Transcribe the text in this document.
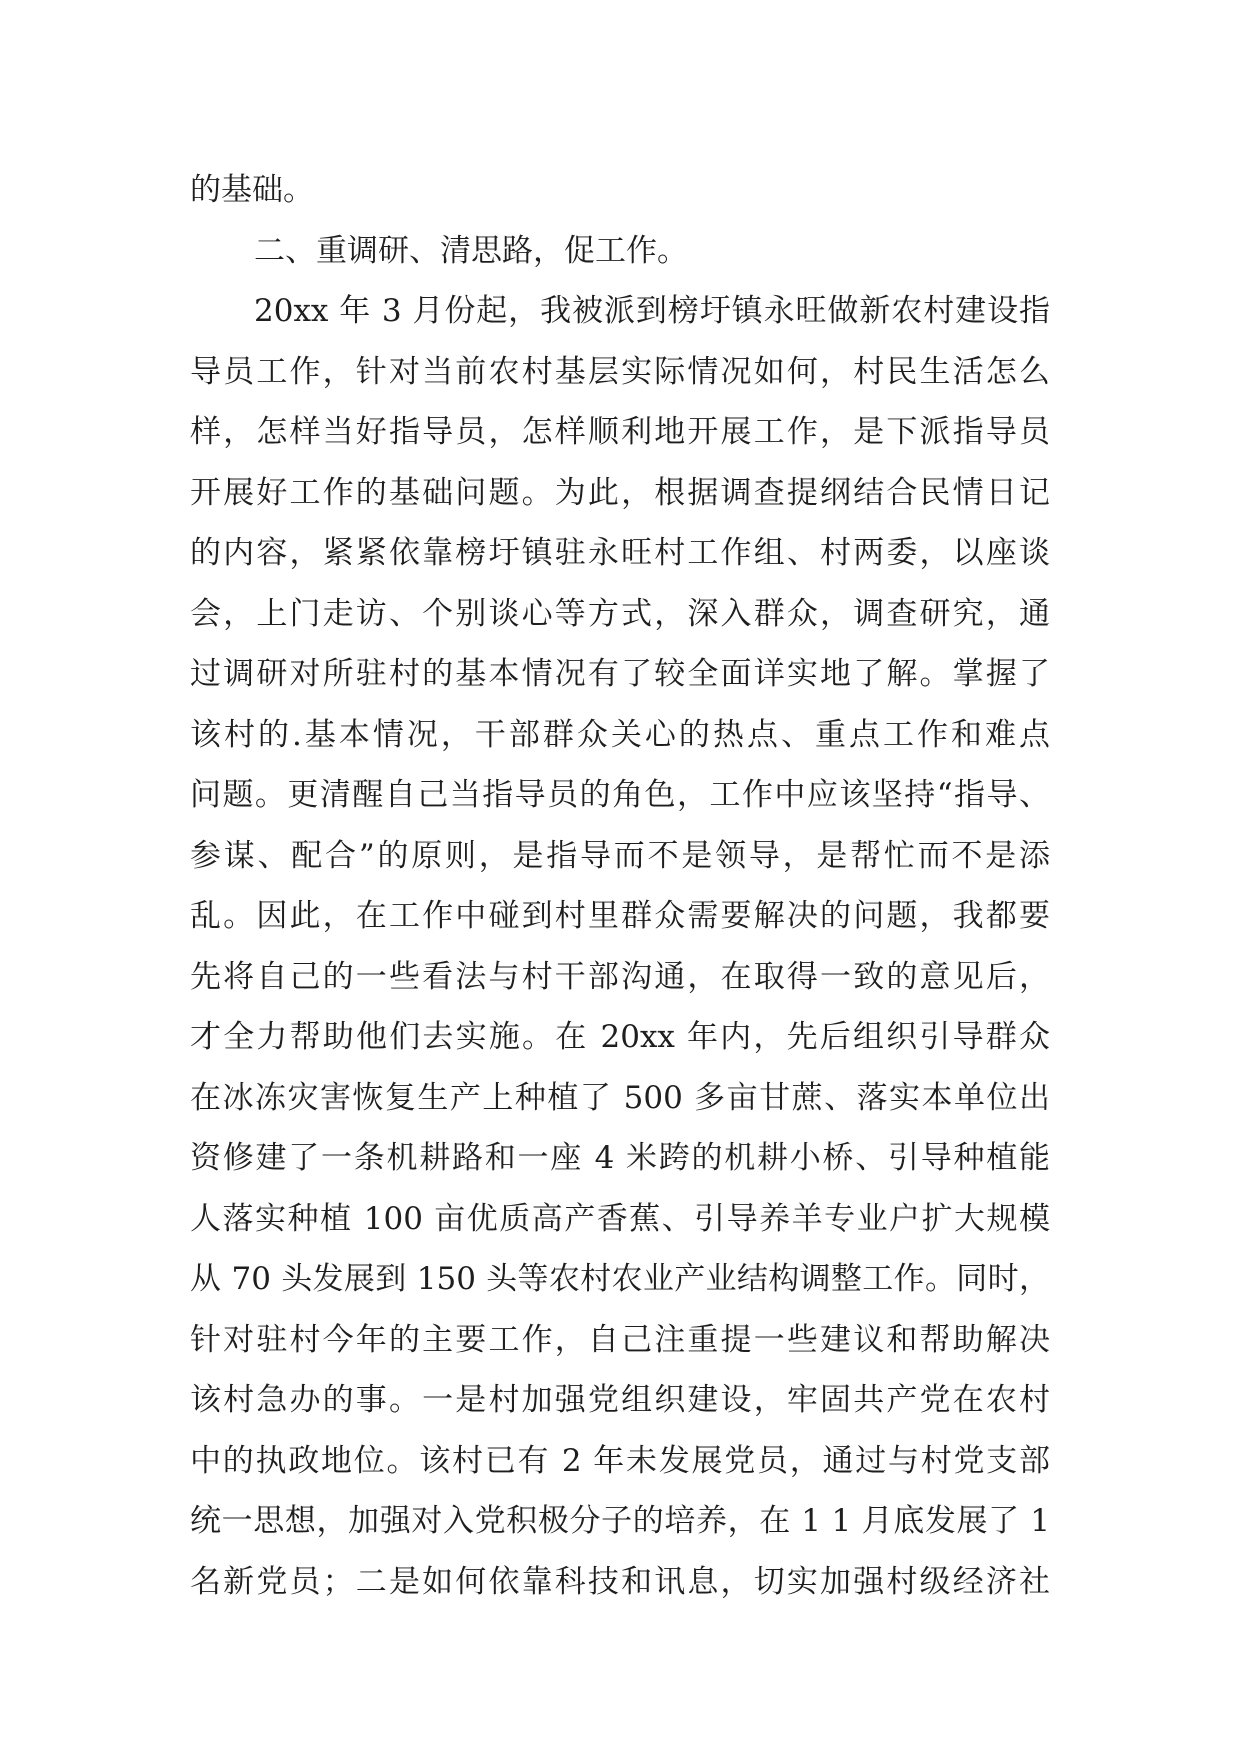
的基础。
二、重调研、清思路，促工作。
20xx 年 3 月份起，我被派到榜圩镇永旺做新农村建设指
导员工作，针对当前农村基层实际情况如何，村民生活怎么
样，怎样当好指导员，怎样顺利地开展工作，是下派指导员
开展好工作的基础问题。为此，根据调查提纲结合民情日记
的内容，紧紧依靠榜圩镇驻永旺村工作组、村两委，以座谈
会，上门走访、个别谈心等方式，深入群众，调查研究，通
过调研对所驻村的基本情况有了较全面详实地了解。掌握了
该村的.基本情况，干部群众关心的热点、重点工作和难点
问题。更清醒自己当指导员的角色，工作中应该坚持“指导、
参谋、配合”的原则，是指导而不是领导，是帮忙而不是添
乱。因此，在工作中碰到村里群众需要解决的问题，我都要
先将自己的一些看法与村干部沟通，在取得一致的意见后，
才全力帮助他们去实施。在 20xx 年内，先后组织引导群众
在冰冻灾害恢复生产上种植了 500 多亩甘蔗、落实本单位出
资修建了一条机耕路和一座 4 米跨的机耕小桥、引导种植能
人落实种植 100 亩优质高产香蕉、引导养羊专业户扩大规模
从 70 头发展到 150 头等农村农业产业结构调整工作。同时，
针对驻村今年的主要工作，自己注重提一些建议和帮助解决
该村急办的事。一是村加强党组织建设，牢固共产党在农村
中的执政地位。该村已有 2 年未发展党员，通过与村党支部
统一思想，加强对入党积极分子的培养，在 1 1 月底发展了 1
名新党员；二是如何依靠科技和讯息，切实加强村级经济社
